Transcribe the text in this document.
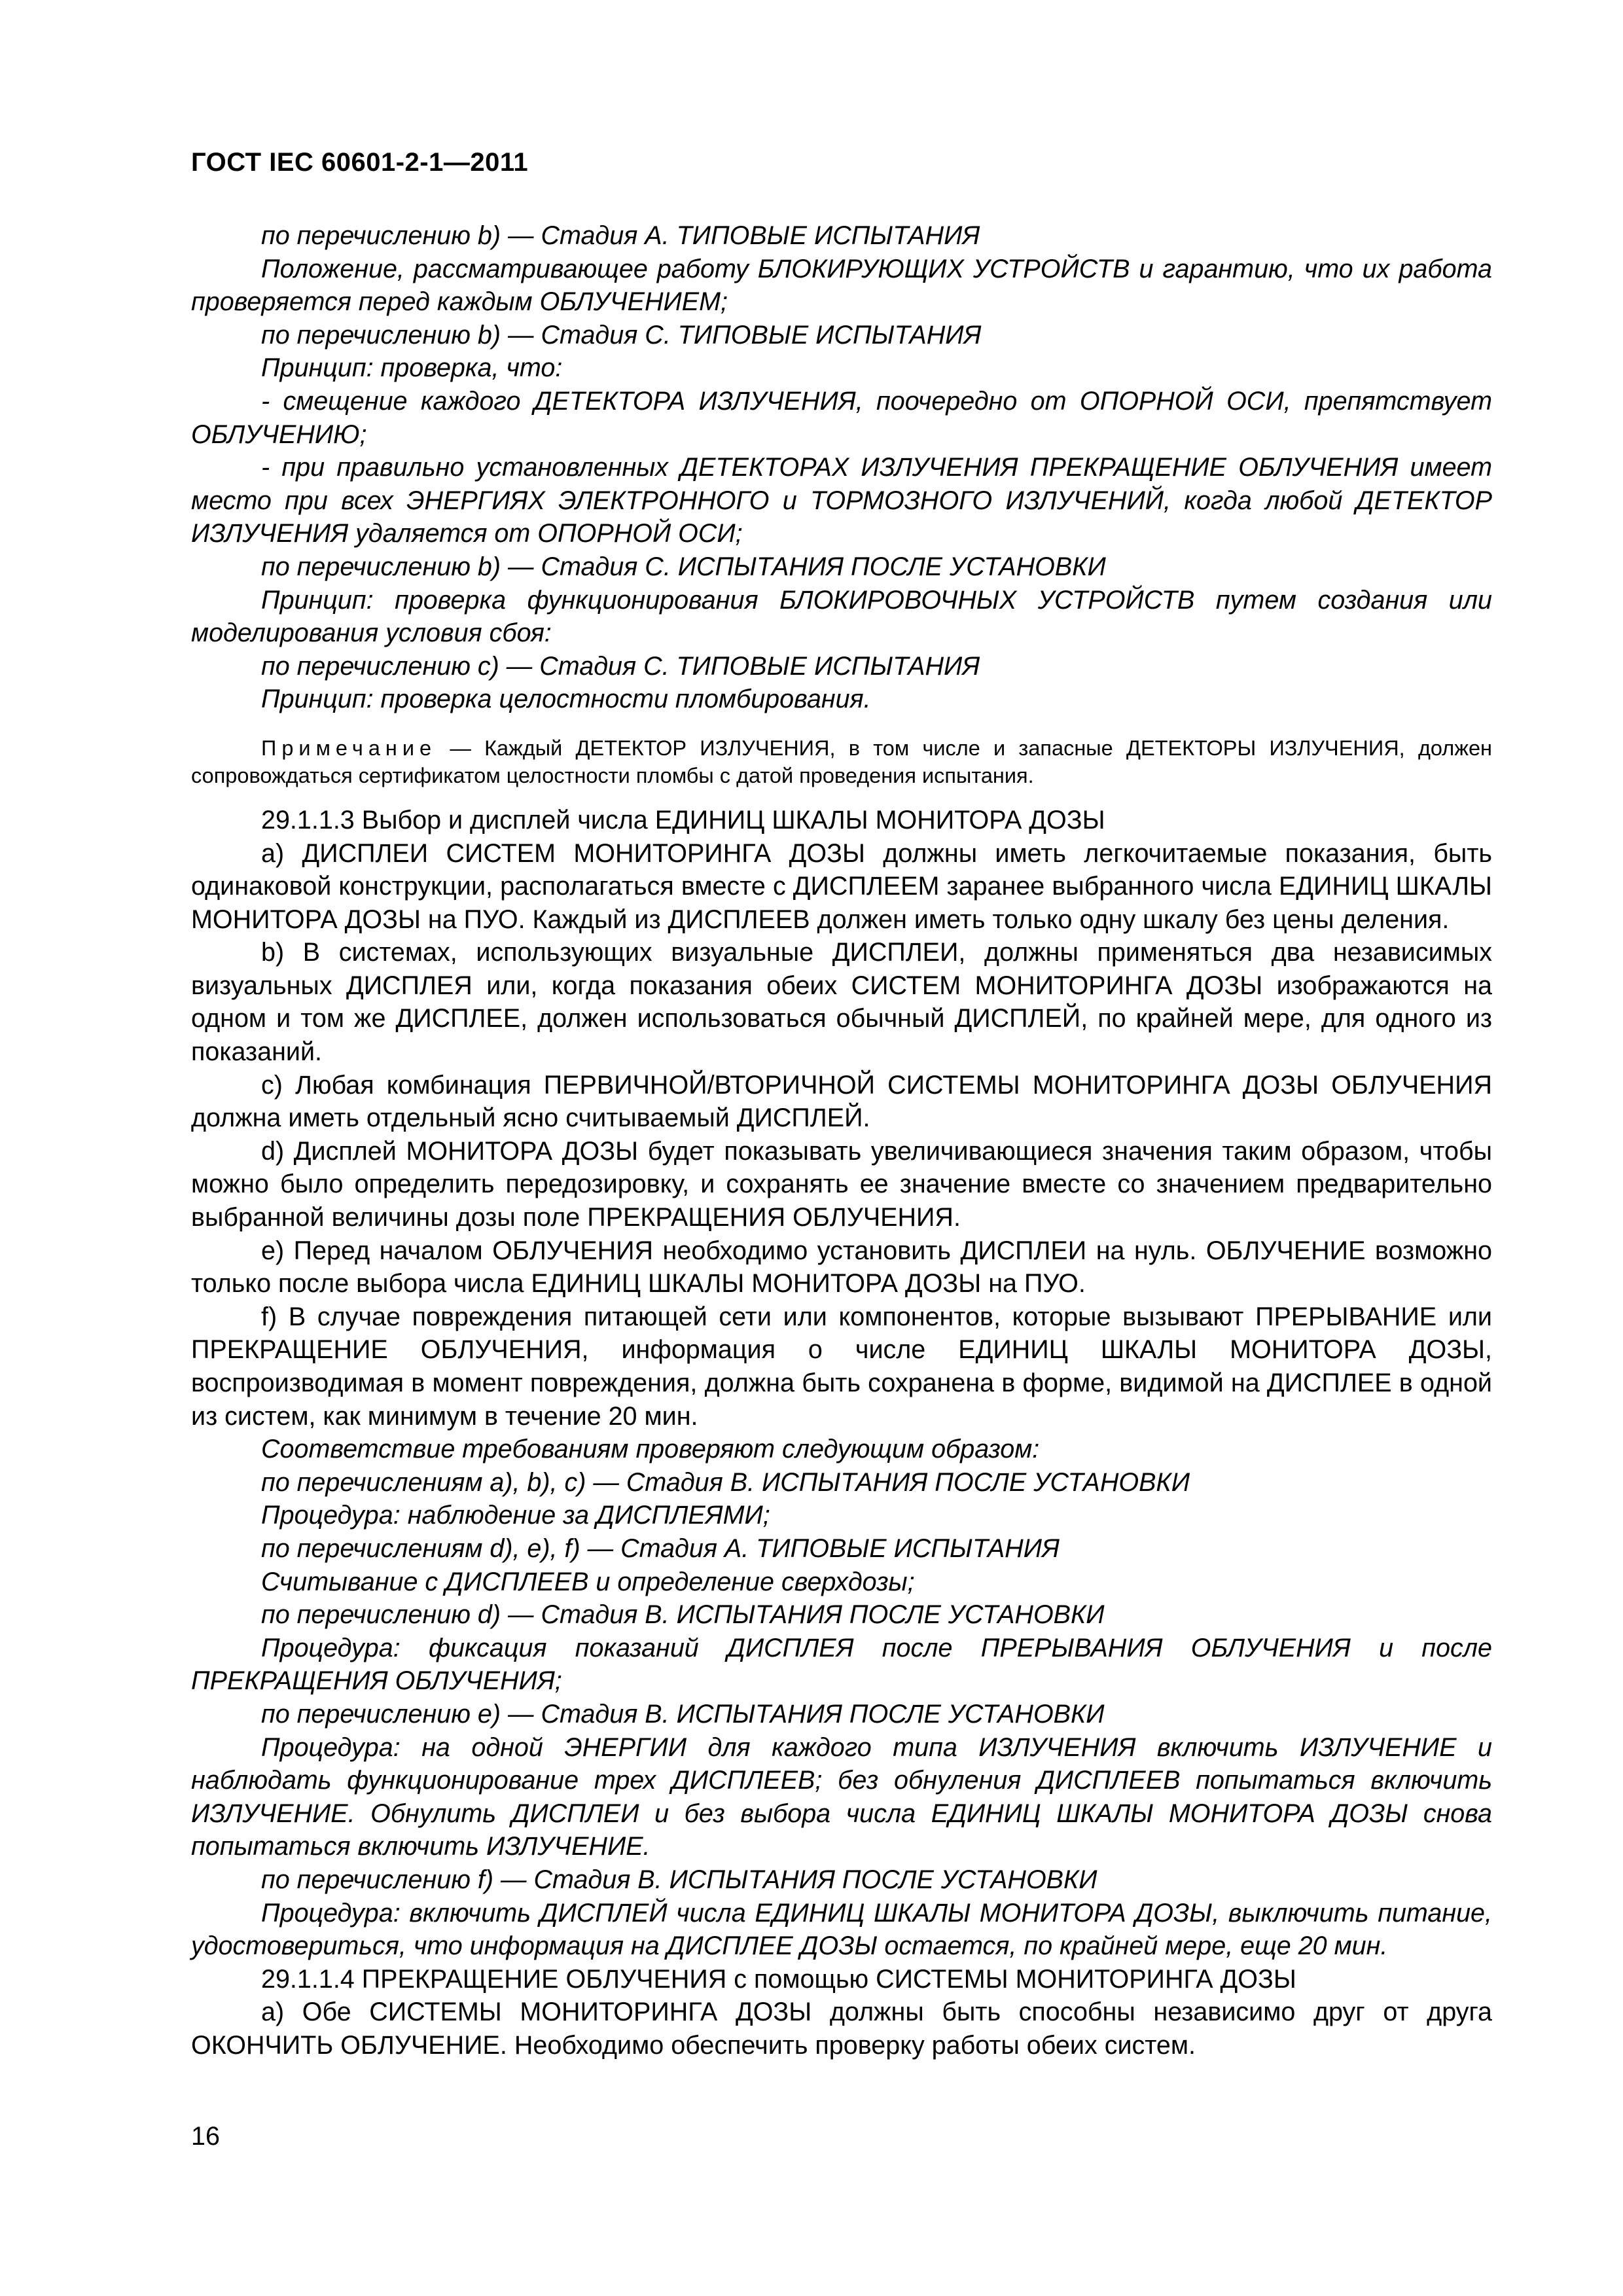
ГОСТ IEC 60601-2-1—2011

по перечислению b) — Стадия А. ТИПОВЫЕ ИСПЫТАНИЯ

Положение, рассматривающее работу БЛОКИРУЮЩИХ УСТРОЙСТВ и гарантию, что их работа проверяется перед каждым ОБЛУЧЕНИЕМ;

по перечислению b) — Стадия С. ТИПОВЫЕ ИСПЫТАНИЯ

Принцип: проверка, что:

- смещение каждого ДЕТЕКТОРА ИЗЛУЧЕНИЯ, поочередно от ОПОРНОЙ ОСИ, препятствует ОБЛУЧЕНИЮ;

- при правильно установленных ДЕТЕКТОРАХ ИЗЛУЧЕНИЯ ПРЕКРАЩЕНИЕ ОБЛУЧЕНИЯ имеет место при всех ЭНЕРГИЯХ ЭЛЕКТРОННОГО и ТОРМОЗНОГО ИЗЛУЧЕНИЙ, когда любой ДЕТЕКТОР ИЗЛУЧЕНИЯ удаляется от ОПОРНОЙ ОСИ;

по перечислению b) — Стадия С. ИСПЫТАНИЯ ПОСЛЕ УСТАНОВКИ

Принцип: проверка функционирования БЛОКИРОВОЧНЫХ УСТРОЙСТВ путем создания или моделирования условия сбоя:

по перечислению с) — Стадия С. ТИПОВЫЕ ИСПЫТАНИЯ

Принцип: проверка целостности пломбирования.

Примечание — Каждый ДЕТЕКТОР ИЗЛУЧЕНИЯ, в том числе и запасные ДЕТЕКТОРЫ ИЗЛУЧЕНИЯ, должен сопровождаться сертификатом целостности пломбы с датой проведения испытания.

29.1.1.3 Выбор и дисплей числа ЕДИНИЦ ШКАЛЫ МОНИТОРА ДОЗЫ

а) ДИСПЛЕИ СИСТЕМ МОНИТОРИНГА ДОЗЫ должны иметь легкочитаемые показания, быть одинаковой конструкции, располагаться вместе с ДИСПЛЕЕМ заранее выбранного числа ЕДИНИЦ ШКАЛЫ МОНИТОРА ДОЗЫ на ПУО. Каждый из ДИСПЛЕЕВ должен иметь только одну шкалу без цены деления.

b) В системах, использующих визуальные ДИСПЛЕИ, должны применяться два независимых визуальных ДИСПЛЕЯ или, когда показания обеих СИСТЕМ МОНИТОРИНГА ДОЗЫ изображаются на одном и том же ДИСПЛЕЕ, должен использоваться обычный ДИСПЛЕЙ, по крайней мере, для одного из показаний.

с) Любая комбинация ПЕРВИЧНОЙ/ВТОРИЧНОЙ СИСТЕМЫ МОНИТОРИНГА ДОЗЫ ОБЛУЧЕНИЯ должна иметь отдельный ясно считываемый ДИСПЛЕЙ.

d) Дисплей МОНИТОРА ДОЗЫ будет показывать увеличивающиеся значения таким образом, чтобы можно было определить передозировку, и сохранять ее значение вместе со значением предварительно выбранной величины дозы поле ПРЕКРАЩЕНИЯ ОБЛУЧЕНИЯ.

е) Перед началом ОБЛУЧЕНИЯ необходимо установить ДИСПЛЕИ на нуль. ОБЛУЧЕНИЕ возможно только после выбора числа ЕДИНИЦ ШКАЛЫ МОНИТОРА ДОЗЫ на ПУО.

f) В случае повреждения питающей сети или компонентов, которые вызывают ПРЕРЫВАНИЕ или ПРЕКРАЩЕНИЕ ОБЛУЧЕНИЯ, информация о числе ЕДИНИЦ ШКАЛЫ МОНИТОРА ДОЗЫ, воспроизводимая в момент повреждения, должна быть сохранена в форме, видимой на ДИСПЛЕЕ в одной из систем, как минимум в течение 20 мин.

Соответствие требованиям проверяют следующим образом:

по перечислениям а), b), с) — Стадия В. ИСПЫТАНИЯ ПОСЛЕ УСТАНОВКИ

Процедура: наблюдение за ДИСПЛЕЯМИ;

по перечислениям d), е), f) — Стадия А. ТИПОВЫЕ ИСПЫТАНИЯ

Считывание с ДИСПЛЕЕВ и определение сверхдозы;

по перечислению d) — Стадия В. ИСПЫТАНИЯ ПОСЛЕ УСТАНОВКИ

Процедура: фиксация показаний ДИСПЛЕЯ после ПРЕРЫВАНИЯ ОБЛУЧЕНИЯ и после ПРЕКРАЩЕНИЯ ОБЛУЧЕНИЯ;

по перечислению е) — Стадия В. ИСПЫТАНИЯ ПОСЛЕ УСТАНОВКИ

Процедура: на одной ЭНЕРГИИ для каждого типа ИЗЛУЧЕНИЯ включить ИЗЛУЧЕНИЕ и наблюдать функционирование трех ДИСПЛЕЕВ; без обнуления ДИСПЛЕЕВ попытаться включить ИЗЛУЧЕНИЕ. Обнулить ДИСПЛЕИ и без выбора числа ЕДИНИЦ ШКАЛЫ МОНИТОРА ДОЗЫ снова попытаться включить ИЗЛУЧЕНИЕ.

по перечислению f) — Стадия В. ИСПЫТАНИЯ ПОСЛЕ УСТАНОВКИ

Процедура: включить ДИСПЛЕЙ числа ЕДИНИЦ ШКАЛЫ МОНИТОРА ДОЗЫ, выключить питание, удостовериться, что информация на ДИСПЛЕЕ ДОЗЫ остается, по крайней мере, еще 20 мин.

29.1.1.4 ПРЕКРАЩЕНИЕ ОБЛУЧЕНИЯ с помощью СИСТЕМЫ МОНИТОРИНГА ДОЗЫ

а) Обе СИСТЕМЫ МОНИТОРИНГА ДОЗЫ должны быть способны независимо друг от друга ОКОНЧИТЬ ОБЛУЧЕНИЕ. Необходимо обеспечить проверку работы обеих систем.

16
